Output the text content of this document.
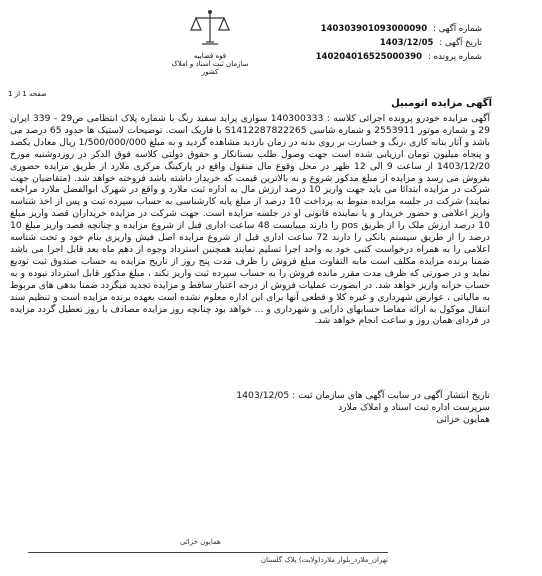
شماره آگهی :
140303901093000090
تاریخ آگهی :
1403/12/05
شماره پرونده :
140204016525000390
قوه قضاییه
سازمان ثبت اسناد و املاک کشور
صفحه 1 از 1
آگهی مزایده اتومبیل

آگهی مزایده خودرو پرونده اجرائی کلاسه : 140300333 سواری پراید سفید رنگ با شماره پلاک انتظامی ص29 - 339 ایران 29 و شماره موتور 2553911 و شماره شاسی S1412287822265 با فاریک است. توضیحات لاستیک ها حدود 65 درصد می باشد و آثار بتانه کاری ،رنگ و خسارت بر روی بدنه در زمان بازدید مشاهده گردید و به مبلغ 1/500/000/000 ریال معادل یکصد و پنجاه میلیون تومان ارزیابی شده است جهت وصول طلب بستانکار و حقوق دولتی کلاسه فوق الذکر در روزدوشنبه مورخ 1403/12/20 از ساعت 9 الی 12 ظهر در محل وقوع مال منقول واقع در پارکینگ مرکزی ملارد از طریق مزایده حضوری بفروش می رسد و مزایده از مبلغ مذکور شروع و به بالاترین قیمت که خریدار داشته باشد فروخته خواهد شد. (متقاضیان جهت شرکت در مزایده ابتدائا می باید جهت واریز 10 درصد ارزش مال به اداره ثبت ملارد و واقع در شهرک ابوالفضل ملارد مراجعه نمایند) شرکت در جلسه مزایده منوط به پرداخت 10 درصد از مبلغ پایه کارشناسی به حساب سپرده ثبت و پس از اخذ شناسه واریز اعلامی و حضور خریدار و یا نماینده قانونی او در جلسه مزایده است. جهت شرکت در مزایده خریداران قصد واریز مبلغ 10 درصد ارزش ملک را از طریق pos را دارند میبایست 48 ساعت اداری قبل از شروع مزایده و چنانچه قصد واریز مبلغ 10 درصد را از طریق سیستم بانکی را دارند 72 ساعت اداری قبل از شروع مزایده اصل فیش واریزی بنام خود و تحت شناسه اعلامی را به همراه درخواست کتبی خود به واحد اجرا تسلیم نمایند همچنین استرداد وجوه از دهم ماه بعد قابل اجرا می باشد ضمنا برنده مزایده مکلف است مابه التفاوت مبلغ فروش را ظرف مدت پنج روز از تاریخ مزایده به حساب صندوق ثبت تودیع نماید و در صورتی که ظرف مدت مقرر مانده فروش را به حساب سپرده ثبت واریز نکند ، مبلغ مذکور قابل استرداد نبوده و به حساب خزانه واریز خواهد شد. در ابصورت عملیات فروش از درجه اعتبار ساقط و مزایده تجدید میگردد ضمنا بدهی های مربوط به مالیاتی ، عوارض شهرداری و غیره کلا و قطعی آنها برای این اداره معلوم نشده است بعهده برنده مزایده است و تنظیم سند انتقال موکول به ارائه مفاصا حسابهای دارایی و شهرداری و ... خواهد بود چنانچه روز مزایده مصادف با روز تعطیل گردد مزایده در فردای همان روز و ساعت انجام خواهد شد.

تاریخ انتشار آگهی در سایت آگهی های سازمان ثبت : 1403/12/05
سرپرست اداره ثبت اسناد و املاک ملارد
همایون خزائی
همایون خزائی
تهران_ملارد_بلوار ملارد(ولایت) پلاک گلستان
